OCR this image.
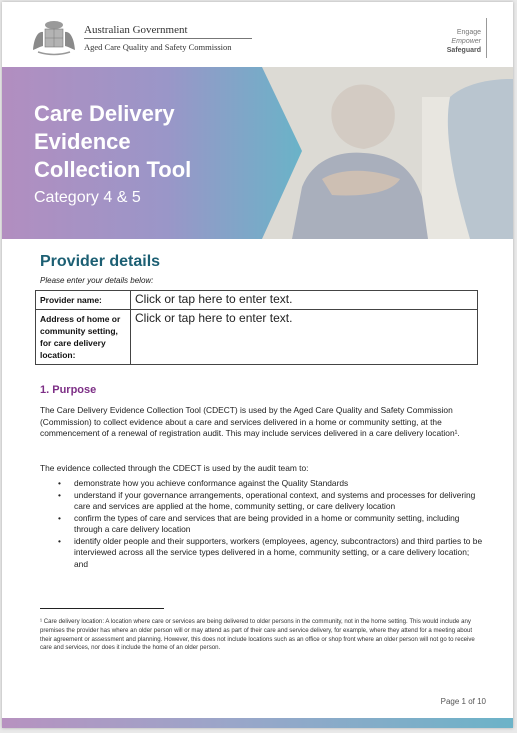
Australian Government
Aged Care Quality and Safety Commission
Engage
Empower
Safeguard
Care Delivery
Evidence
Collection Tool
Category 4 & 5
Provider details
Please enter your details below:
Provider name:	Click or tap here to enter text.
Address of home or community setting, for care delivery location:	Click or tap here to enter text.
1. Purpose
The Care Delivery Evidence Collection Tool (CDECT) is used by the Aged Care Quality and Safety Commission (Commission) to collect evidence about a care and services delivered in a home or community setting, at the commencement of a renewal of registration audit. This may include services delivered in a care delivery location¹.
The evidence collected through the CDECT is used by the audit team to:
• demonstrate how you achieve conformance against the Quality Standards
• understand if your governance arrangements, operational context, and systems and processes for delivering care and services are applied at the home, community setting, or care delivery location
• confirm the types of care and services that are being provided in a home or community setting, including through a care delivery location
• identify older people and their supporters, workers (employees, agency, subcontractors) and third parties to be interviewed across all the service types delivered in a home, community setting, or a care delivery location; and
¹ Care delivery location: A location where care or services are being delivered to older persons in the community, not in the home setting. This would include any premises the provider has where an older person will or may attend as part of their care and service delivery, for example, where they attend for a meeting about their agreement or assessment and planning. However, this does not include locations such as an office or shop front where an older person will not go to receive care and services, nor does it include the home of an older person.
Page 1 of 10
